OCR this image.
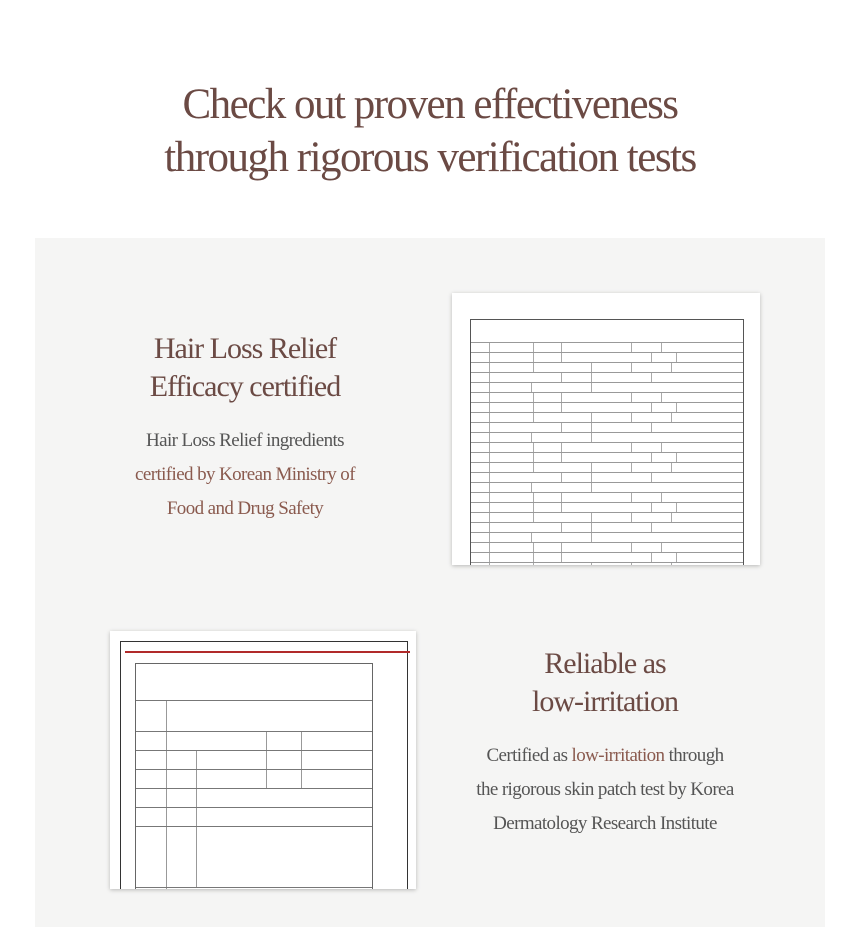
Check out proven effectiveness
through rigorous verification tests
Hair Loss Relief
Efficacy certified
Hair Loss Relief ingredients
certified by Korean Ministry of
Food and Drug Safety
Reliable as
low-irritation
Certified as low-irritation through
the rigorous skin patch test by Korea
Dermatology Research Institute
